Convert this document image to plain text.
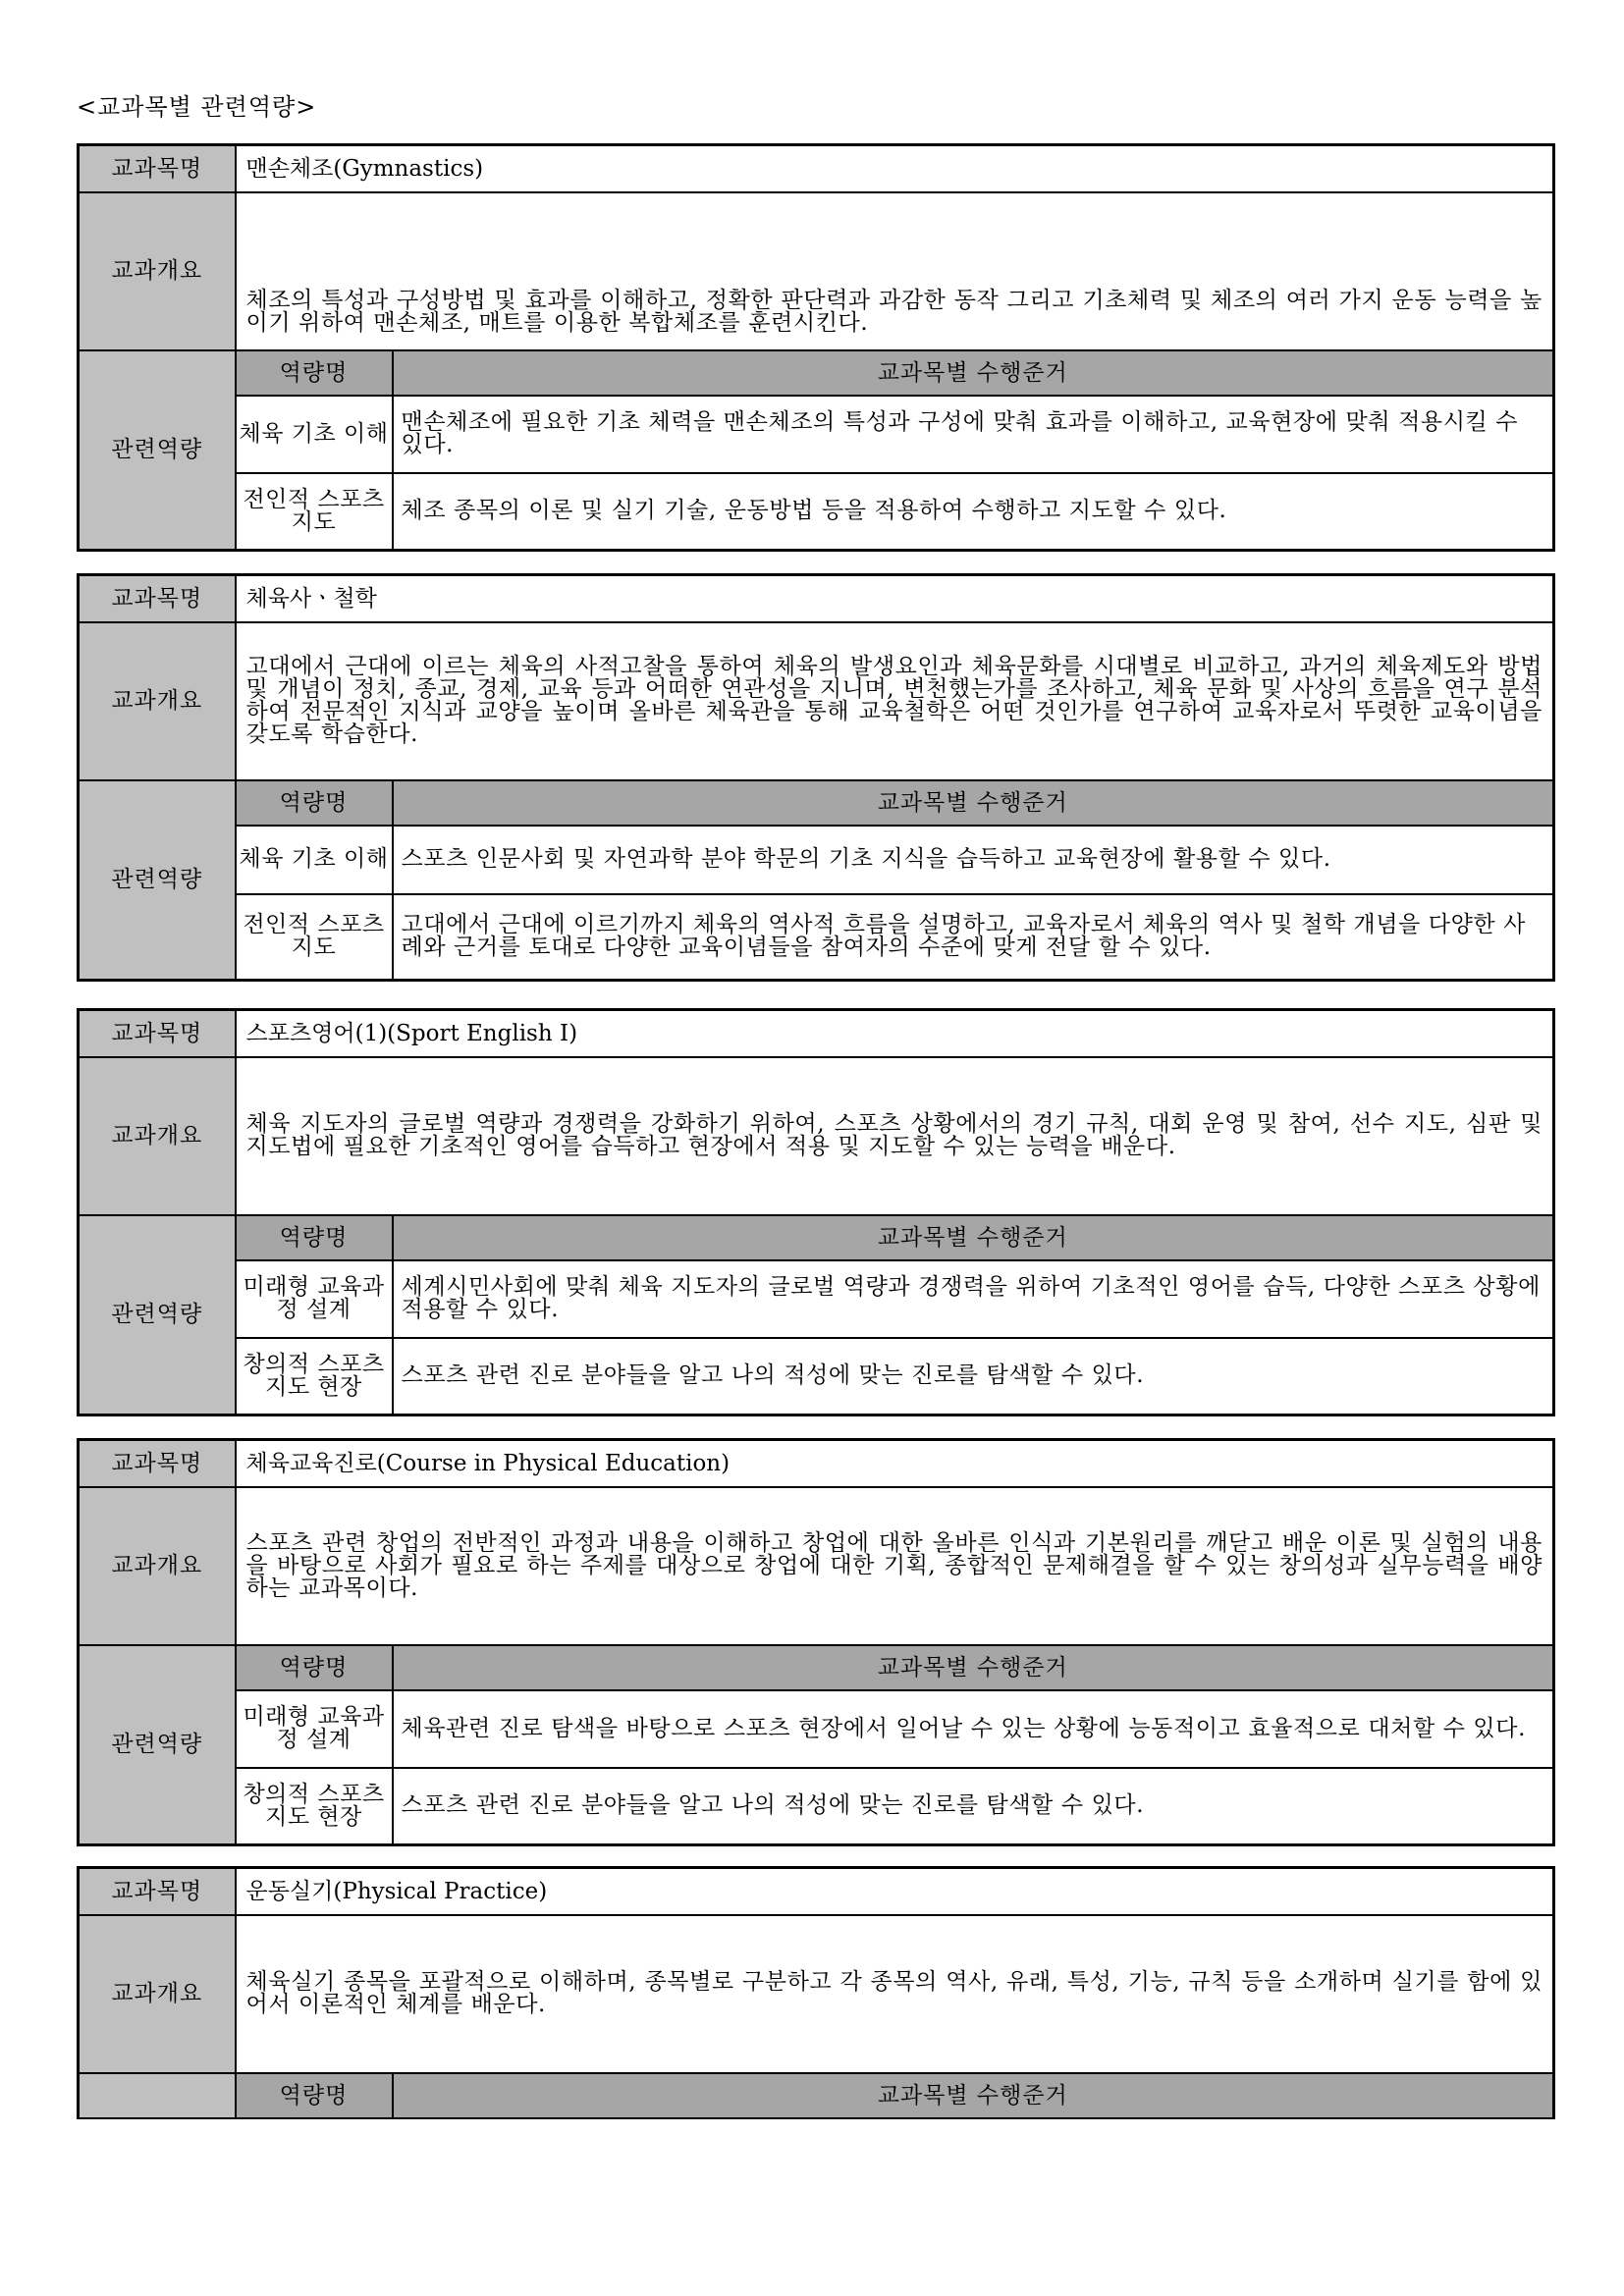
<교과목별 관련역량>
교과목명	맨손체조(Gymnastics)	
교과개요	체조의 특성과 구성방법 및 효과를 이해하고, 정확한 판단력과 과감한 동작 그리고 기초체력 및 체조의 여러 가지 운동 능력을 높이기 위하여 맨손체조, 매트를 이용한 복합체조를 훈련시킨다.	
관련역량	역량명	교과목별 수행준거
	체육 기초 이해	맨손체조에 필요한 기초 체력을 맨손체조의 특성과 구성에 맞춰 효과를 이해하고, 교육현장에 맞춰 적용시킬 수 있다.
	전인적 스포츠 지도	체조 종목의 이론 및 실기 기술, 운동방법 등을 적용하여 수행하고 지도할 수 있다.
교과목명	체육사ㆍ철학	
교과개요	고대에서 근대에 이르는 체육의 사적고찰을 통하여 체육의 발생요인과 체육문화를 시대별로 비교하고, 과거의 체육제도와 방법 및 개념이 정치, 종교, 경제, 교육 등과 어떠한 연관성을 지니며, 변천했는가를 조사하고, 체육 문화 및 사상의 흐름을 연구 분석하여 전문적인 지식과 교양을 높이며 올바른 체육관을 통해 교육철학은 어떤 것인가를 연구하여 교육자로서 뚜렷한 교육이념을 갖도록 학습한다.	
관련역량	역량명	교과목별 수행준거
	체육 기초 이해	스포츠 인문사회 및 자연과학 분야 학문의 기초 지식을 습득하고 교육현장에 활용할 수 있다.
	전인적 스포츠 지도	고대에서 근대에 이르기까지 체육의 역사적 흐름을 설명하고, 교육자로서 체육의 역사 및 철학 개념을 다양한 사례와 근거를 토대로 다양한 교육이념들을 참여자의 수준에 맞게 전달 할 수 있다.
교과목명	스포츠영어(1)(Sport English Ⅰ)	
교과개요	체육 지도자의 글로벌 역량과 경쟁력을 강화하기 위하여, 스포츠 상황에서의 경기 규칙, 대회 운영 및 참여, 선수 지도, 심판 및 지도법에 필요한 기초적인 영어를 습득하고 현장에서 적용 및 지도할 수 있는 능력을 배운다.	
관련역량	역량명	교과목별 수행준거
	미래형 교육과정 설계	세계시민사회에 맞춰 체육 지도자의 글로벌 역량과 경쟁력을 위하여 기초적인 영어를 습득, 다양한 스포츠 상황에 적용할 수 있다.
	창의적 스포츠지도 현장	스포츠 관련 진로 분야들을 알고 나의 적성에 맞는 진로를 탐색할 수 있다.
교과목명	체육교육진로(Course in Physical Education)	
교과개요	스포츠 관련 창업의 전반적인 과정과 내용을 이해하고 창업에 대한 올바른 인식과 기본원리를 깨닫고 배운 이론 및 실험의 내용을 바탕으로 사회가 필요로 하는 주제를 대상으로 창업에 대한 기획, 종합적인 문제해결을 할 수 있는 창의성과 실무능력을 배양하는 교과목이다.	
관련역량	역량명	교과목별 수행준거
	미래형 교육과정 설계	체육관련 진로 탐색을 바탕으로 스포츠 현장에서 일어날 수 있는 상황에 능동적이고 효율적으로 대처할 수 있다.
	창의적 스포츠지도 현장	스포츠 관련 진로 분야들을 알고 나의 적성에 맞는 진로를 탐색할 수 있다.
교과목명	운동실기(Physical Practice)	
교과개요	체육실기 종목을 포괄적으로 이해하며, 종목별로 구분하고 각 종목의 역사, 유래, 특성, 기능, 규칙 등을 소개하며 실기를 함에 있어서 이론적인 체계를 배운다.	
	역량명	교과목별 수행준거
